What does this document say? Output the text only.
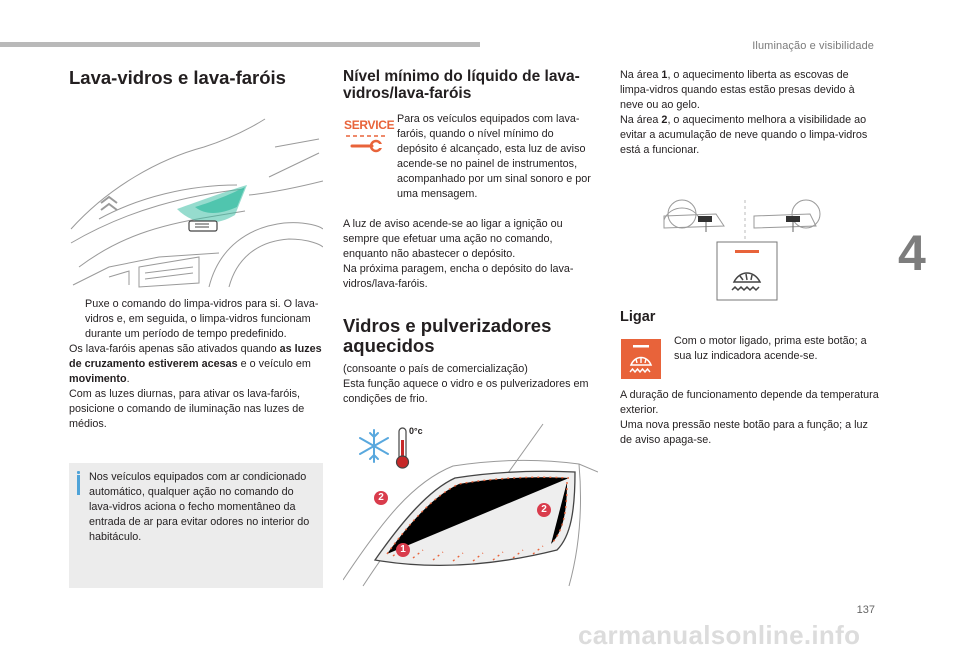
Iluminação e visibilidade
4
Lava-vidros e lava-faróis
Puxe o comando do limpa-vidros para si. O lava-vidros e, em seguida, o limpa-vidros funcionam durante um período de tempo predefinido.

Os lava-faróis apenas são ativados quando as luzes de cruzamento estiverem acesas e o veículo em movimento.

Com as luzes diurnas, para ativar os lava-faróis, posicione o comando de iluminação nas luzes de médios.

Nos veículos equipados com ar condicionado automático, qualquer ação no comando do lava-vidros aciona o fecho momentâneo da entrada de ar para evitar odores no interior do habitáculo.
Nível mínimo do líquido de lava-vidros/lava-faróis
SERVICE Para os veículos equipados com lava-faróis, quando o nível mínimo do depósito é alcançado, esta luz de aviso acende-se no painel de instrumentos, acompanhado por um sinal sonoro e por uma mensagem.

A luz de aviso acende-se ao ligar a ignição ou sempre que efetuar uma ação no comando, enquanto não abastecer o depósito.

Na próxima paragem, encha o depósito do lava-vidros/lava-faróis.

Vidros e pulverizadores aquecidos

(consoante o país de comercialização)

Esta função aquece o vidro e os pulverizadores em condições de frio.

0°c
2
2
1

Na área 1, o aquecimento liberta as escovas de limpa-vidros quando estas estão presas devido à neve ou ao gelo.

Na área 2, o aquecimento melhora a visibilidade ao evitar a acumulação de neve quando o limpa-vidros está a funcionar.

Ligar
Com o motor ligado, prima este botão; a sua luz indicadora acende-se.

A duração de funcionamento depende da temperatura exterior.

Uma nova pressão neste botão para a função; a luz de aviso apaga-se.

137
carmanualsonline.info
